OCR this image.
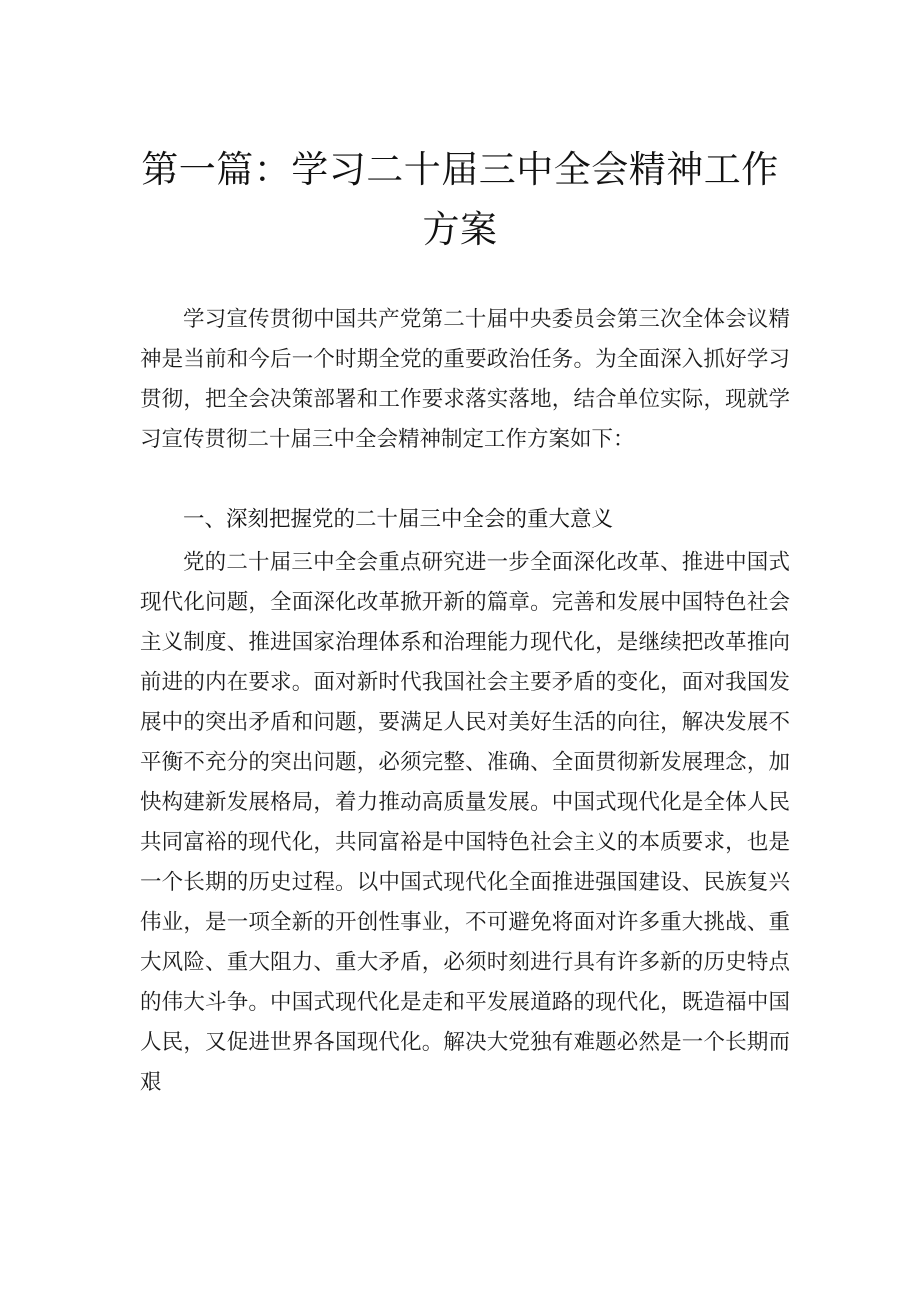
第一篇：学习二十届三中全会精神工作方案
学习宣传贯彻中国共产党第二十届中央委员会第三次全体会议精神是当前和今后一个时期全党的重要政治任务。为全面深入抓好学习贯彻，把全会决策部署和工作要求落实落地，结合单位实际，现就学习宣传贯彻二十届三中全会精神制定工作方案如下：
一、深刻把握党的二十届三中全会的重大意义
党的二十届三中全会重点研究进一步全面深化改革、推进中国式现代化问题，全面深化改革掀开新的篇章。完善和发展中国特色社会主义制度、推进国家治理体系和治理能力现代化，是继续把改革推向前进的内在要求。面对新时代我国社会主要矛盾的变化，面对我国发展中的突出矛盾和问题，要满足人民对美好生活的向往，解决发展不平衡不充分的突出问题，必须完整、准确、全面贯彻新发展理念，加快构建新发展格局，着力推动高质量发展。中国式现代化是全体人民共同富裕的现代化，共同富裕是中国特色社会主义的本质要求，也是一个长期的历史过程。以中国式现代化全面推进强国建设、民族复兴伟业，是一项全新的开创性事业，不可避免将面对许多重大挑战、重大风险、重大阻力、重大矛盾，必须时刻进行具有许多新的历史特点的伟大斗争。中国式现代化是走和平发展道路的现代化，既造福中国人民，又促进世界各国现代化。解决大党独有难题必然是一个长期而艰
